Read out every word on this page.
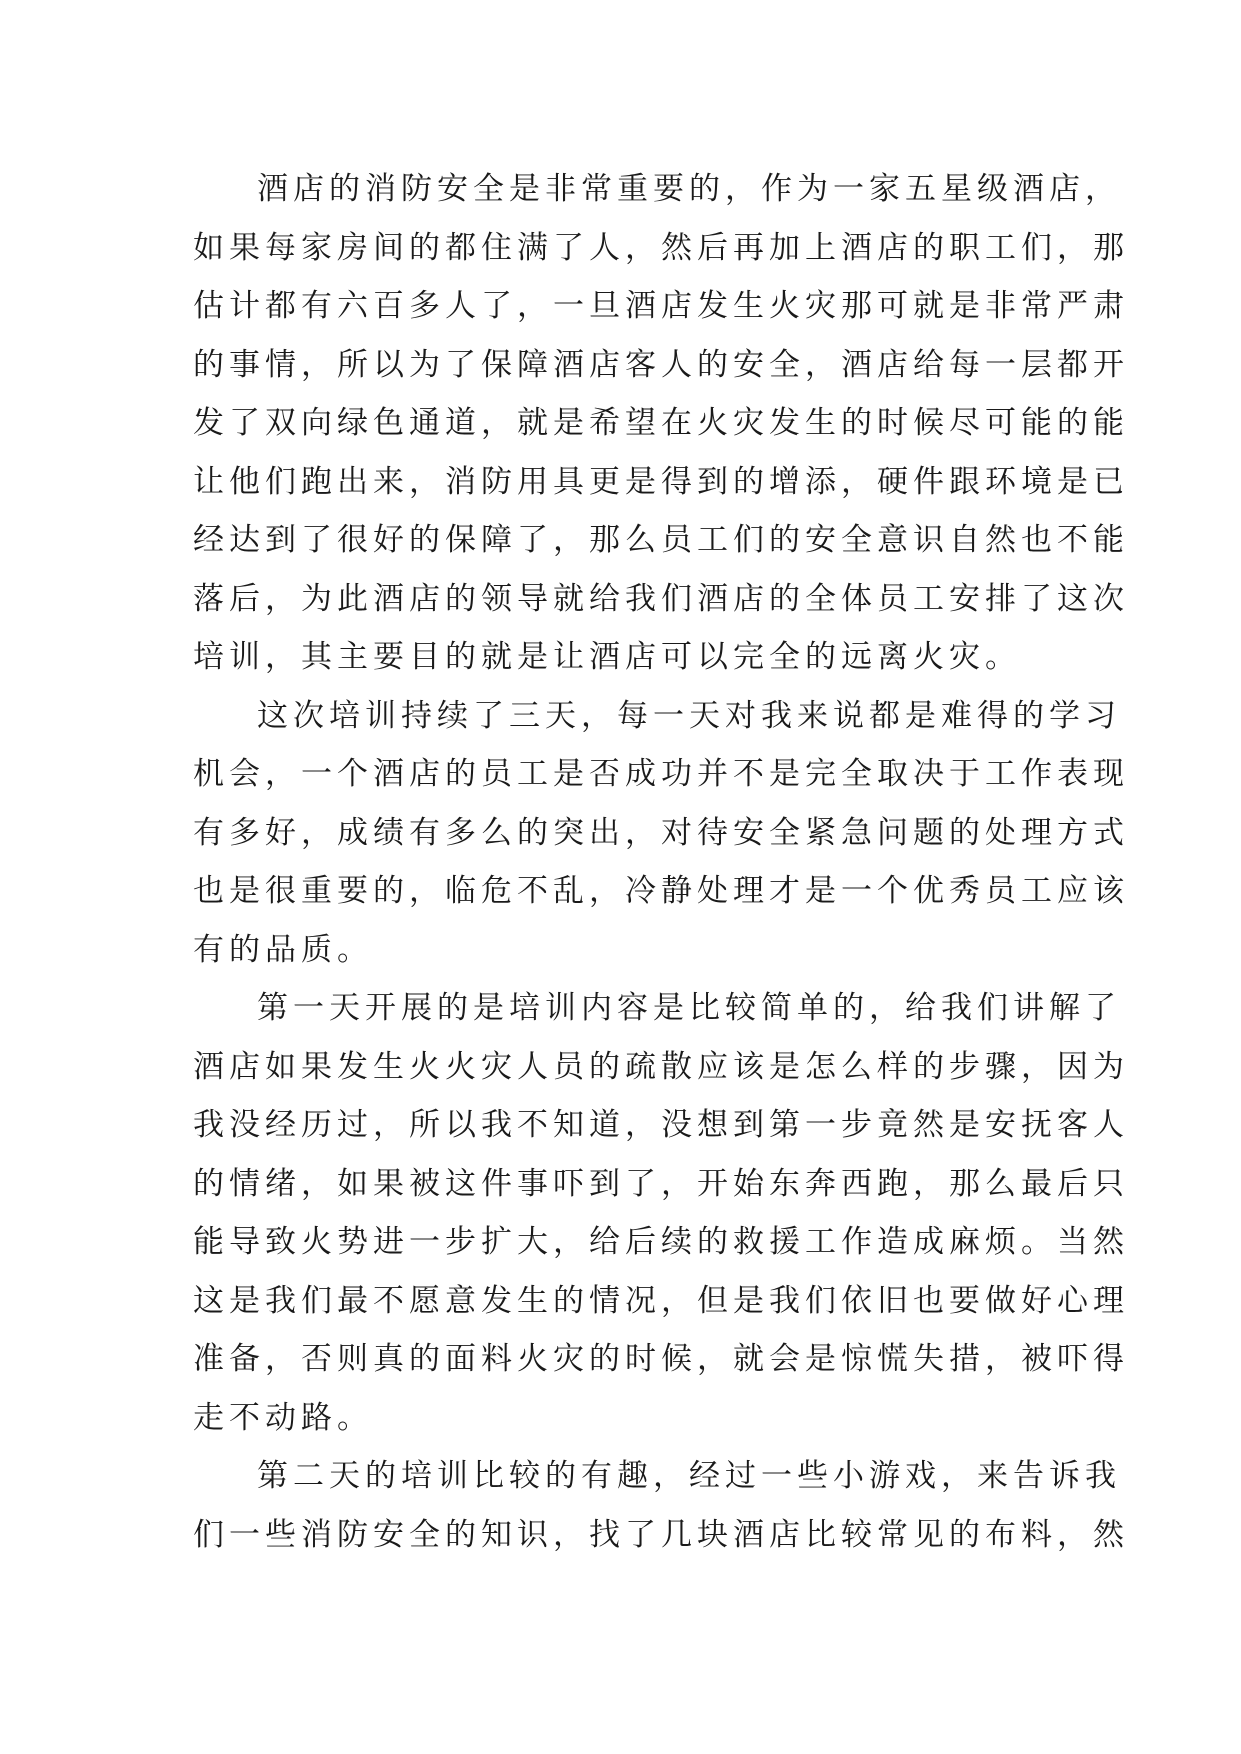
酒店的消防安全是非常重要的，作为一家五星级酒店，
如果每家房间的都住满了人，然后再加上酒店的职工们，那
估计都有六百多人了，一旦酒店发生火灾那可就是非常严肃
的事情，所以为了保障酒店客人的安全，酒店给每一层都开
发了双向绿色通道，就是希望在火灾发生的时候尽可能的能
让他们跑出来，消防用具更是得到的增添，硬件跟环境是已
经达到了很好的保障了，那么员工们的安全意识自然也不能
落后，为此酒店的领导就给我们酒店的全体员工安排了这次
培训，其主要目的就是让酒店可以完全的远离火灾。
这次培训持续了三天，每一天对我来说都是难得的学习
机会，一个酒店的员工是否成功并不是完全取决于工作表现
有多好，成绩有多么的突出，对待安全紧急问题的处理方式
也是很重要的，临危不乱，冷静处理才是一个优秀员工应该
有的品质。
第一天开展的是培训内容是比较简单的，给我们讲解了
酒店如果发生火火灾人员的疏散应该是怎么样的步骤，因为
我没经历过，所以我不知道，没想到第一步竟然是安抚客人
的情绪，如果被这件事吓到了，开始东奔西跑，那么最后只
能导致火势进一步扩大，给后续的救援工作造成麻烦。当然
这是我们最不愿意发生的情况，但是我们依旧也要做好心理
准备，否则真的面料火灾的时候，就会是惊慌失措，被吓得
走不动路。
第二天的培训比较的有趣，经过一些小游戏，来告诉我
们一些消防安全的知识，找了几块酒店比较常见的布料，然
